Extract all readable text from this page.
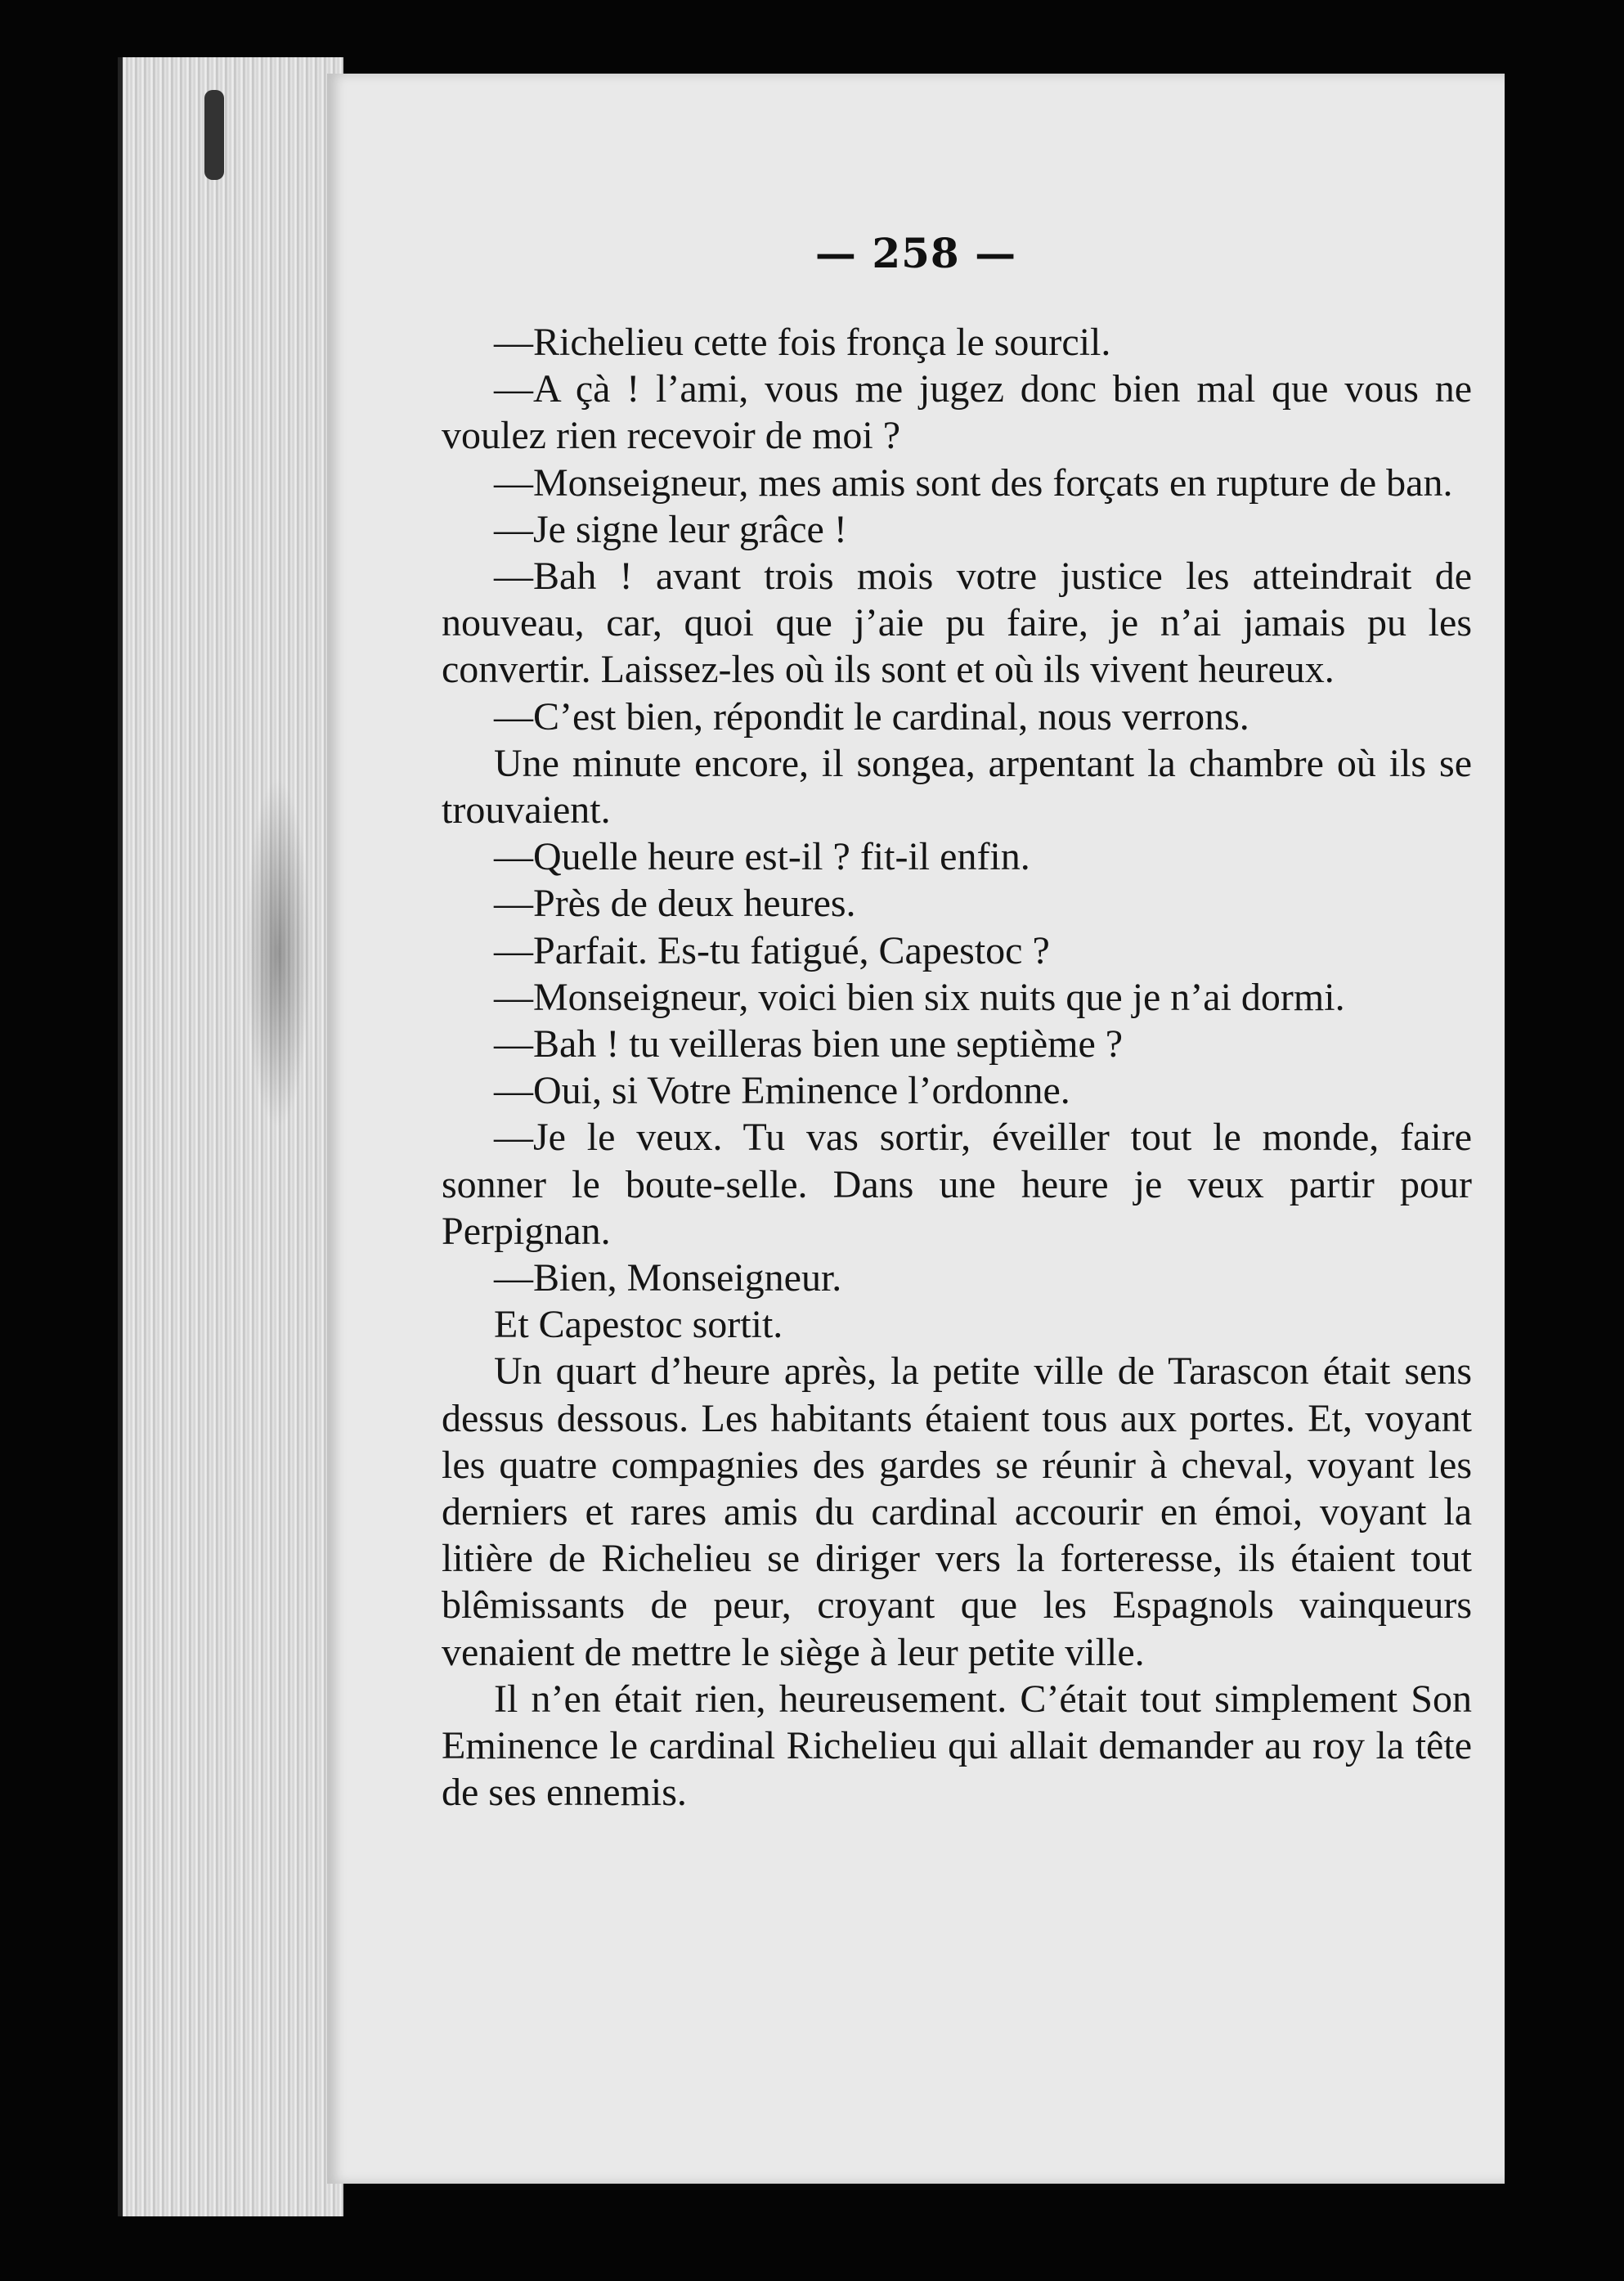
— 258 —

—Richelieu cette fois fronça le sourcil.

—A çà ! l’ami, vous me jugez donc bien mal que vous ne voulez rien recevoir de moi ?

—Monseigneur, mes amis sont des forçats en rupture de ban.

—Je signe leur grâce !

—Bah ! avant trois mois votre justice les atteindrait de nouveau, car, quoi que j’aie pu faire, je n’ai jamais pu les convertir. Laissez-les où ils sont et où ils vivent heureux.

—C’est bien, répondit le cardinal, nous verrons.

Une minute encore, il songea, arpentant la chambre où ils se trouvaient.

—Quelle heure est-il ? fit-il enfin.

—Près de deux heures.

—Parfait. Es-tu fatigué, Capestoc ?

—Monseigneur, voici bien six nuits que je n’ai dormi.

—Bah ! tu veilleras bien une septième ?

—Oui, si Votre Eminence l’ordonne.

—Je le veux. Tu vas sortir, éveiller tout le monde, faire sonner le boute-selle. Dans une heure je veux partir pour Perpignan.

—Bien, Monseigneur.

Et Capestoc sortit.

Un quart d’heure après, la petite ville de Tarascon était sens dessus dessous. Les habitants étaient tous aux portes. Et, voyant les quatre compagnies des gardes se réunir à cheval, voyant les derniers et rares amis du cardinal accourir en émoi, voyant la litière de Richelieu se diriger vers la forteresse, ils étaient tout blêmissants de peur, croyant que les Espagnols vainqueurs venaient de mettre le siège à leur petite ville.

Il n’en était rien, heureusement. C’était tout simplement Son Eminence le cardinal Richelieu qui allait demander au roy la tête de ses ennemis.
